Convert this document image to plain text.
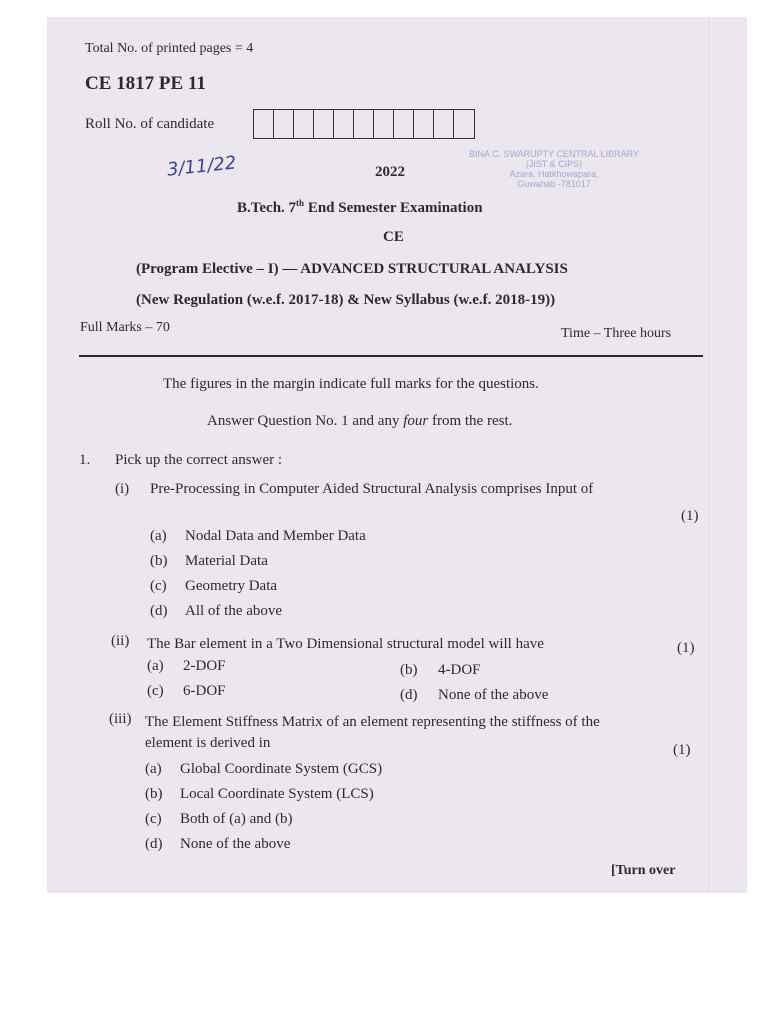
Total No. of printed pages = 4
CE 1817 PE 11
Roll No. of candidate
3/11/22	2022
BINA C. SWARUPTY CENTRAL LIBRARY
(JIST & CIPS)
Azara, Hatkhowapara,
Guwahati -781017
B.Tech. 7th End Semester Examination
CE
(Program Elective – I) — ADVANCED STRUCTURAL ANALYSIS
(New Regulation (w.e.f. 2017-18) & New Syllabus (w.e.f. 2018-19))
Full Marks – 70	Time – Three hours
The figures in the margin indicate full marks for the questions.
Answer Question No. 1 and any four from the rest.
1. Pick up the correct answer :
(i) Pre-Processing in Computer Aided Structural Analysis comprises Input of
(1)
(a) Nodal Data and Member Data
(b) Material Data
(c) Geometry Data
(d) All of the above
(ii) The Bar element in a Two Dimensional structural model will have	(1)
(a) 2-DOF	(b) 4-DOF
(c) 6-DOF	(d) None of the above
(iii) The Element Stiffness Matrix of an element representing the stiffness of the
element is derived in	(1)
(a) Global Coordinate System (GCS)
(b) Local Coordinate System (LCS)
(c) Both of (a) and (b)
(d) None of the above
[Turn over
